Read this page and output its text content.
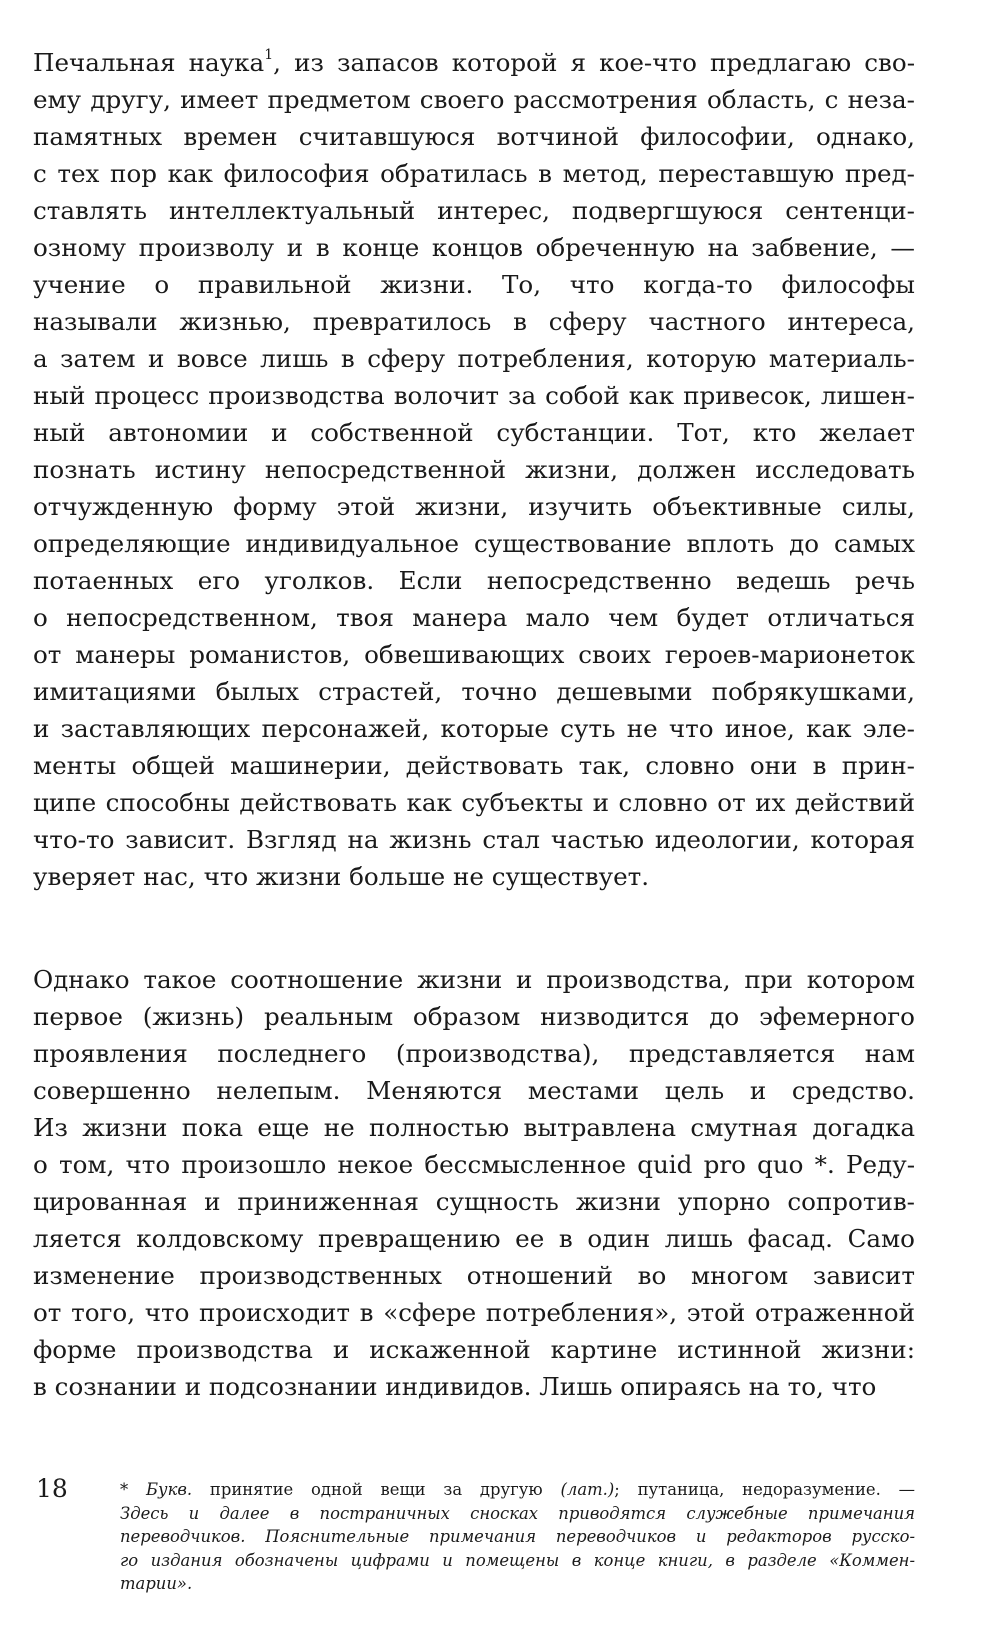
Печальная наука$^1$, из запасов которой я кое-что предлагаю сво-
ему другу, имеет предметом своего рассмотрения область, с неза-
памятных времен считавшуюся вотчиной философии, однако,
с тех пор как философия обратилась в метод, переставшую пред-
ставлять интеллектуальный интерес, подвергшуюся сентенци-
озному произволу и в конце концов обреченную на забвение, —
учение о правильной жизни. То, что когда-то философы
называли жизнью, превратилось в сферу частного интереса,
а затем и вовсе лишь в сферу потребления, которую материаль-
ный процесс производства волочит за собой как привесок, лишен-
ный автономии и собственной субстанции. Тот, кто желает
познать истину непосредственной жизни, должен исследовать
отчужденную форму этой жизни, изучить объективные силы,
определяющие индивидуальное существование вплоть до самых
потаенных его уголков. Если непосредственно ведешь речь
о непосредственном, твоя манера мало чем будет отличаться
от манеры романистов, обвешивающих своих героев-марионеток
имитациями былых страстей, точно дешевыми побрякушками,
и заставляющих персонажей, которые суть не что иное, как эле-
менты общей машинерии, действовать так, словно они в прин-
ципе способны действовать как субъекты и словно от их действий
что-то зависит. Взгляд на жизнь стал частью идеологии, которая
уверяет нас, что жизни больше не существует.
Однако такое соотношение жизни и производства, при котором
первое (жизнь) реальным образом низводится до эфемерного
проявления последнего (производства), представляется нам
совершенно нелепым. Меняются местами цель и средство.
Из жизни пока еще не полностью вытравлена смутная догадка
о том, что произошло некое бессмысленное quid pro quo *. Реду-
цированная и приниженная сущность жизни упорно сопротив-
ляется колдовскому превращению ее в один лишь фасад. Само
изменение производственных отношений во многом зависит
от того, что происходит в «сфере потребления», этой отраженной
форме производства и искаженной картине истинной жизни:
в сознании и подсознании индивидов. Лишь опираясь на то, что
18	* Букв. принятие одной вещи за другую (лат.); путаница, недоразумение. —
Здесь и далее в постраничных сносках приводятся служебные примечания
переводчиков. Пояснительные примечания переводчиков и редакторов русско-
го издания обозначены цифрами и помещены в конце книги, в разделе «Коммен-
тарии».
